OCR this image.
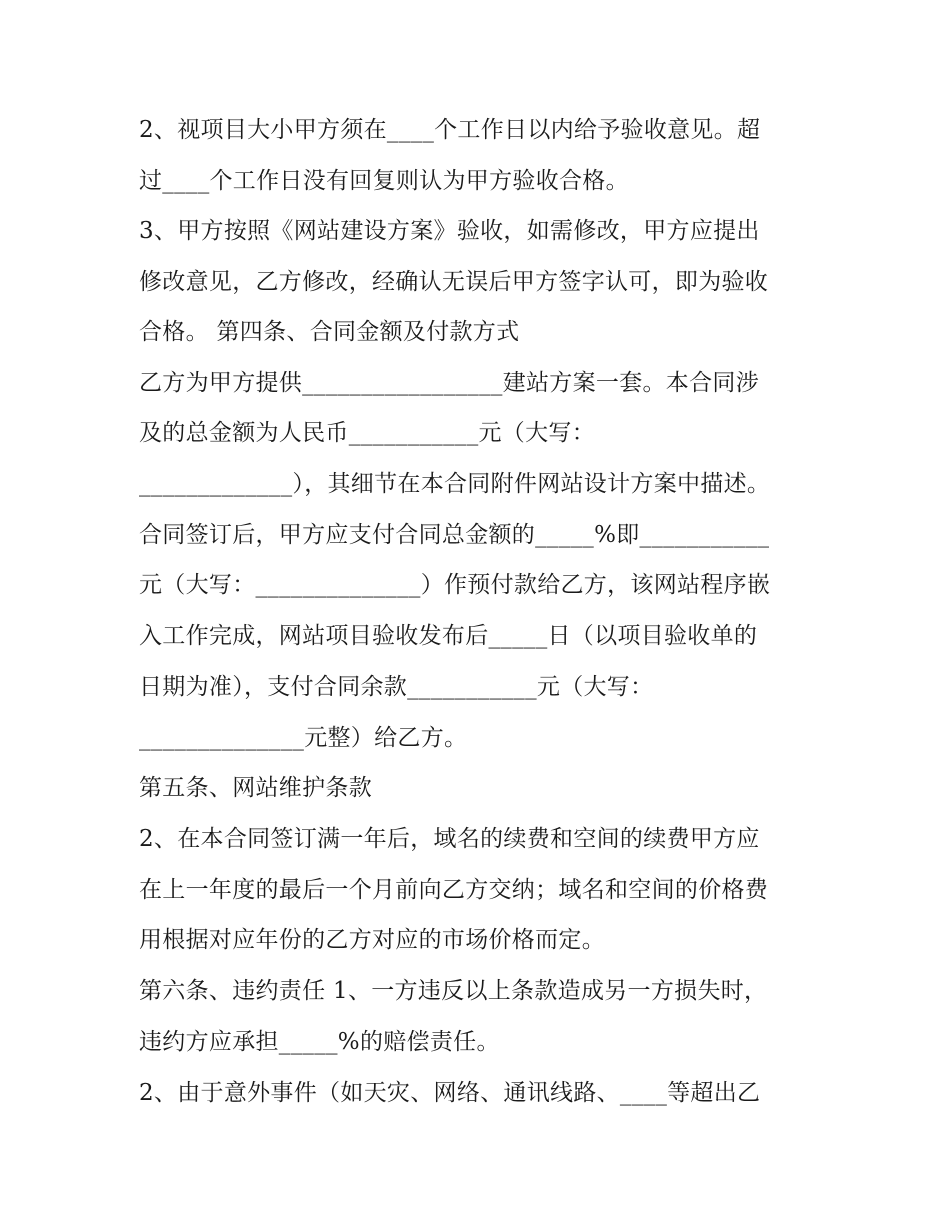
2、视项目大小甲方须在____个工作日以内给予验收意见。超

过____个工作日没有回复则认为甲方验收合格。

3、甲方按照《网站建设方案》验收，如需修改，甲方应提出

修改意见，乙方修改，经确认无误后甲方签字认可，即为验收

合格。 第四条、合同金额及付款方式

乙方为甲方提供_________________建站方案一套。本合同涉

及的总金额为人民币___________元（大写：

_____________），其细节在本合同附件网站设计方案中描述。

合同签订后，甲方应支付合同总金额的_____%即___________

元（大写：______________）作预付款给乙方，该网站程序嵌

入工作完成，网站项目验收发布后_____日（以项目验收单的

日期为准），支付合同余款___________元（大写：

______________元整）给乙方。

第五条、网站维护条款

2、在本合同签订满一年后，域名的续费和空间的续费甲方应

在上一年度的最后一个月前向乙方交纳；域名和空间的价格费

用根据对应年份的乙方对应的市场价格而定。

第六条、违约责任 1、一方违反以上条款造成另一方损失时，

违约方应承担_____%的赔偿责任。

2、由于意外事件（如天灾、网络、通讯线路、____等超出乙
